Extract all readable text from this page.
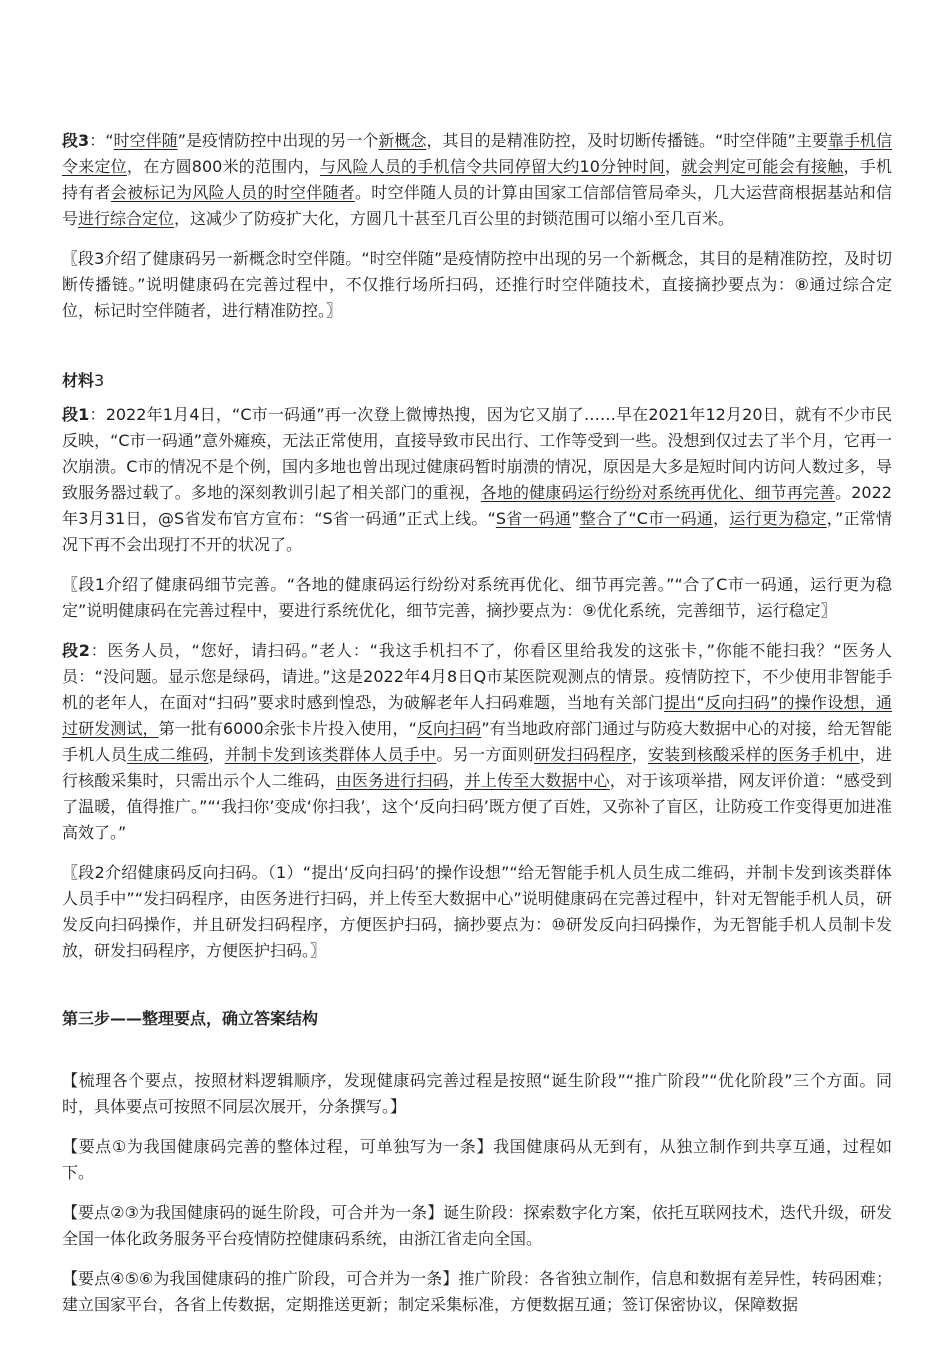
段3：“时空伴随”是疫情防控中出现的另一个新概念，其目的是精准防控，及时切断传播链。“时空伴随”主要靠手机信令来定位，在方圆800米的范围内，与风险人员的手机信令共同停留大约10分钟时间，就会判定可能会有接触，手机持有者会被标记为风险人员的时空伴随者。时空伴随人员的计算由国家工信部信管局牵头，几大运营商根据基站和信号进行综合定位，这减少了防疫扩大化，方圆几十甚至几百公里的封锁范围可以缩小至几百米。

〖段3介绍了健康码另一新概念时空伴随。“时空伴随”是疫情防控中出现的另一个新概念，其目的是精准防控，及时切断传播链。”说明健康码在完善过程中，不仅推行场所扫码，还推行时空伴随技术，直接摘抄要点为：⑧通过综合定位，标记时空伴随者，进行精准防控。〗

材料3

段1：2022年1月4日，“C市一码通”再一次登上微博热搜，因为它又崩了……早在2021年12月20日，就有不少市民反映，“C市一码通”意外瘫痪，无法正常使用，直接导致市民出行、工作等受到一些。没想到仅过去了半个月，它再一次崩溃。C市的情况不是个例，国内多地也曾出现过健康码暂时崩溃的情况，原因是大多是短时间内访问人数过多，导致服务器过载了。多地的深刻教训引起了相关部门的重视，各地的健康码运行纷纷对系统再优化、细节再完善。2022年3月31日，@S省发布官方宣布：“S省一码通”正式上线。“S省一码通”整合了“C市一码通，运行更为稳定，”正常情况下再不会出现打不开的状况了。

〖段1介绍了健康码细节完善。“各地的健康码运行纷纷对系统再优化、细节再完善。”“合了C市一码通，运行更为稳定”说明健康码在完善过程中，要进行系统优化，细节完善，摘抄要点为：⑨优化系统，完善细节，运行稳定〗

段2：医务人员，“您好，请扫码。”老人：“我这手机扫不了，你看区里给我发的这张卡，”你能不能扫我？“医务人员：“没问题。显示您是绿码，请进。”这是2022年4月8日Q市某医院观测点的情景。疫情防控下，不少使用非智能手机的老年人，在面对“扫码”要求时感到惶恐，为破解老年人扫码难题，当地有关部门提出“反向扫码”的操作设想，通过研发测试，第一批有6000余张卡片投入使用，“反向扫码”有当地政府部门通过与防疫大数据中心的对接，给无智能手机人员生成二维码，并制卡发到该类群体人员手中。另一方面则研发扫码程序，安装到核酸采样的医务手机中，进行核酸采集时，只需出示个人二维码，由医务进行扫码，并上传至大数据中心，对于该项举措，网友评价道：“感受到了温暖，值得推广。”“‘我扫你’变成‘你扫我’，这个‘反向扫码’既方便了百姓，又弥补了盲区，让防疫工作变得更加进准高效了。”

〖段2介绍健康码反向扫码。（1）“提出‘反向扫码’的操作设想”“给无智能手机人员生成二维码，并制卡发到该类群体人员手中”“发扫码程序，由医务进行扫码，并上传至大数据中心”说明健康码在完善过程中，针对无智能手机人员，研发反向扫码操作，并且研发扫码程序，方便医护扫码，摘抄要点为：⑩研发反向扫码操作，为无智能手机人员制卡发放，研发扫码程序，方便医护扫码。〗

第三步——整理要点，确立答案结构

【梳理各个要点，按照材料逻辑顺序，发现健康码完善过程是按照“诞生阶段”“推广阶段”“优化阶段”三个方面。同时，具体要点可按照不同层次展开，分条撰写。】

【要点①为我国健康码完善的整体过程，可单独写为一条】我国健康码从无到有，从独立制作到共享互通，过程如下。

【要点②③为我国健康码的诞生阶段，可合并为一条】诞生阶段：探索数字化方案，依托互联网技术，迭代升级，研发全国一体化政务服务平台疫情防控健康码系统，由浙江省走向全国。

【要点④⑤⑥为我国健康码的推广阶段，可合并为一条】推广阶段：各省独立制作，信息和数据有差异性，转码困难；建立国家平台，各省上传数据，定期推送更新；制定采集标准，方便数据互通；签订保密协议，保障数据
